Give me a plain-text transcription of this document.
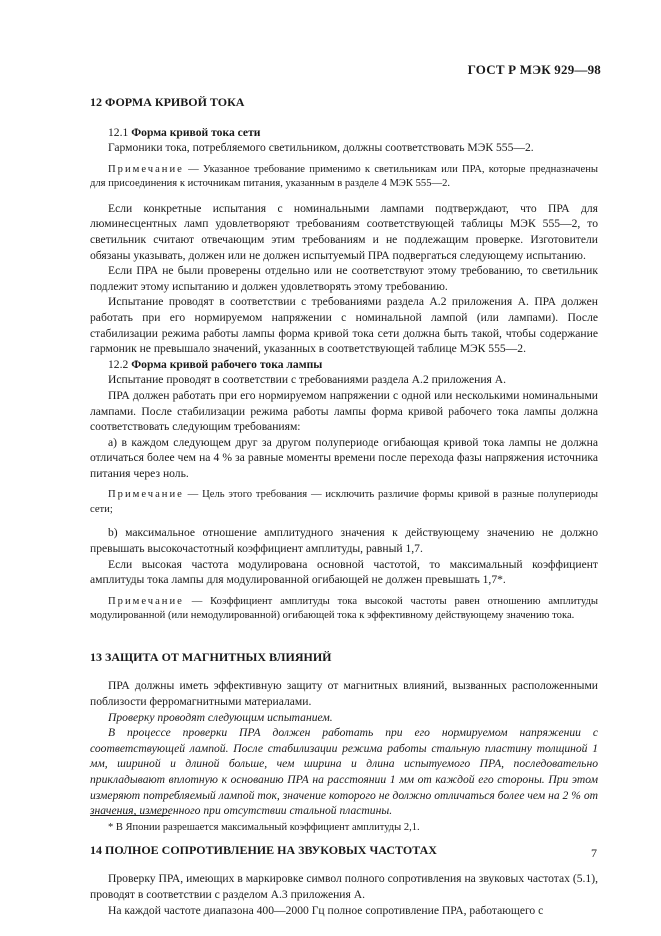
ГОСТ Р МЭК 929—98

12 ФОРМА КРИВОЙ ТОКА

12.1 Форма кривой тока сети

Гармоники тока, потребляемого светильником, должны соответствовать МЭК 555—2.

Примечание — Указанное требование применимо к светильникам или ПРА, которые предназначены для присоединения к источникам питания, указанным в разделе 4 МЭК 555—2.

Если конкретные испытания с номинальными лампами подтверждают, что ПРА для люминесцентных ламп удовлетворяют требованиям соответствующей таблицы МЭК 555—2, то светильник считают отвечающим этим требованиям и не подлежащим проверке. Изготовители обязаны указывать, должен или не должен испытуемый ПРА подвергаться следующему испытанию.

Если ПРА не были проверены отдельно или не соответствуют этому требованию, то светильник подлежит этому испытанию и должен удовлетворять этому требованию.

Испытание проводят в соответствии с требованиями раздела А.2 приложения А. ПРА должен работать при его нормируемом напряжении с номинальной лампой (или лампами). После стабилизации режима работы лампы форма кривой тока сети должна быть такой, чтобы содержание гармоник не превышало значений, указанных в соответствующей таблице МЭК 555—2.

12.2 Форма кривой рабочего тока лампы

Испытание проводят в соответствии с требованиями раздела А.2 приложения А.

ПРА должен работать при его нормируемом напряжении с одной или несколькими номинальными лампами. После стабилизации режима работы лампы форма кривой рабочего тока лампы должна соответствовать следующим требованиям:

а) в каждом следующем друг за другом полупериоде огибающая кривой тока лампы не должна отличаться более чем на 4 % за равные моменты времени после перехода фазы напряжения источника питания через ноль.

Примечание — Цель этого требования — исключить различие формы кривой в разные полупериоды сети;

b) максимальное отношение амплитудного значения к действующему значению не должно превышать высокочастотный коэффициент амплитуды, равный 1,7.

Если высокая частота модулирована основной частотой, то максимальный коэффициент амплитуды тока лампы для модулированной огибающей не должен превышать 1,7*.

Примечание — Коэффициент амплитуды тока высокой частоты равен отношению амплитуды модулированной (или немодулированной) огибающей тока к эффективному действующему значению тока.

13 ЗАЩИТА ОТ МАГНИТНЫХ ВЛИЯНИЙ

ПРА должны иметь эффективную защиту от магнитных влияний, вызванных расположенными поблизости ферромагнитными материалами.

Проверку проводят следующим испытанием.

В процессе проверки ПРА должен работать при его нормируемом напряжении с соответствующей лампой. После стабилизации режима работы стальную пластину толщиной 1 мм, шириной и длиной больше, чем ширина и длина испытуемого ПРА, последовательно прикладывают вплотную к основанию ПРА на расстоянии 1 мм от каждой его стороны. При этом измеряют потребляемый лампой ток, значение которого не должно отличаться более чем на 2 % от значения, измеренного при отсутствии стальной пластины.

14 ПОЛНОЕ СОПРОТИВЛЕНИЕ НА ЗВУКОВЫХ ЧАСТОТАХ

Проверку ПРА, имеющих в маркировке символ полного сопротивления на звуковых частотах (5.1), проводят в соответствии с разделом А.3 приложения А.

На каждой частоте диапазона 400—2000 Гц полное сопротивление ПРА, работающего с

* В Японии разрешается максимальный коэффициент амплитуды 2,1.
7
